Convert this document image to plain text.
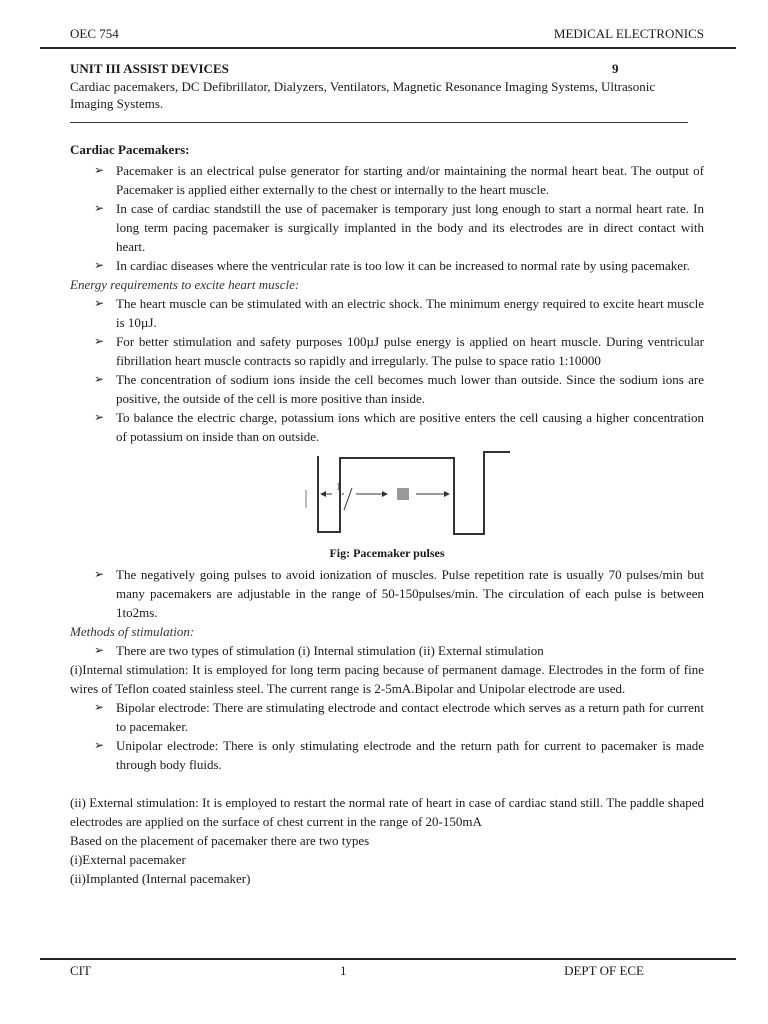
OEC 754	MEDICAL ELECTRONICS
UNIT III ASSIST DEVICES	9
Cardiac pacemakers, DC Defibrillator, Dialyzers, Ventilators, Magnetic Resonance Imaging Systems, Ultrasonic Imaging Systems.

Cardiac Pacemakers:

➢ Pacemaker is an electrical pulse generator for starting and/or maintaining the normal heart beat. The output of Pacemaker is applied either externally to the chest or internally to the heart muscle.
➢ In case of cardiac standstill the use of pacemaker is temporary just long enough to start a normal heart rate. In long term pacing pacemaker is surgically implanted in the body and its electrodes are in direct contact with heart.
➢ In cardiac diseases where the ventricular rate is too low it can be increased to normal rate by using pacemaker.

Energy requirements to excite heart muscle:

➢ The heart muscle can be stimulated with an electric shock. The minimum energy required to excite heart muscle is 10µJ.
➢ For better stimulation and safety purposes 100µJ pulse energy is applied on heart muscle. During ventricular fibrillation heart muscle contracts so rapidly and irregularly. The pulse to space ratio 1:10000
➢ The concentration of sodium ions inside the cell becomes much lower than outside. Since the sodium ions are positive, the outside of the cell is more positive than inside.
➢ To balance the electric charge, potassium ions which are positive enters the cell causing a higher concentration of potassium on inside than on outside.
1

Fig: Pacemaker pulses

➢ The negatively going pulses to avoid ionization of muscles. Pulse repetition rate is usually 70 pulses/min but many pacemakers are adjustable in the range of 50-150pulses/min. The circulation of each pulse is between 1to2ms.

Methods of stimulation:

➢ There are two types of stimulation (i) Internal stimulation (ii) External stimulation

(i)Internal stimulation: It is employed for long term pacing because of permanent damage. Electrodes in the form of fine wires of Teflon coated stainless steel. The current range is 2-5mA.Bipolar and Unipolar electrode are used.

➢ Bipolar electrode: There are stimulating electrode and contact electrode which serves as a return path for current to pacemaker.
➢ Unipolar electrode: There is only stimulating electrode and the return path for current to pacemaker is made through body fluids.

(ii) External stimulation: It is employed to restart the normal rate of heart in case of cardiac stand still. The paddle shaped electrodes are applied on the surface of chest current in the range of 20-150mA

Based on the placement of pacemaker there are two types

(i)External pacemaker

(ii)Implanted (Internal pacemaker)

CIT	1	DEPT OF ECE
